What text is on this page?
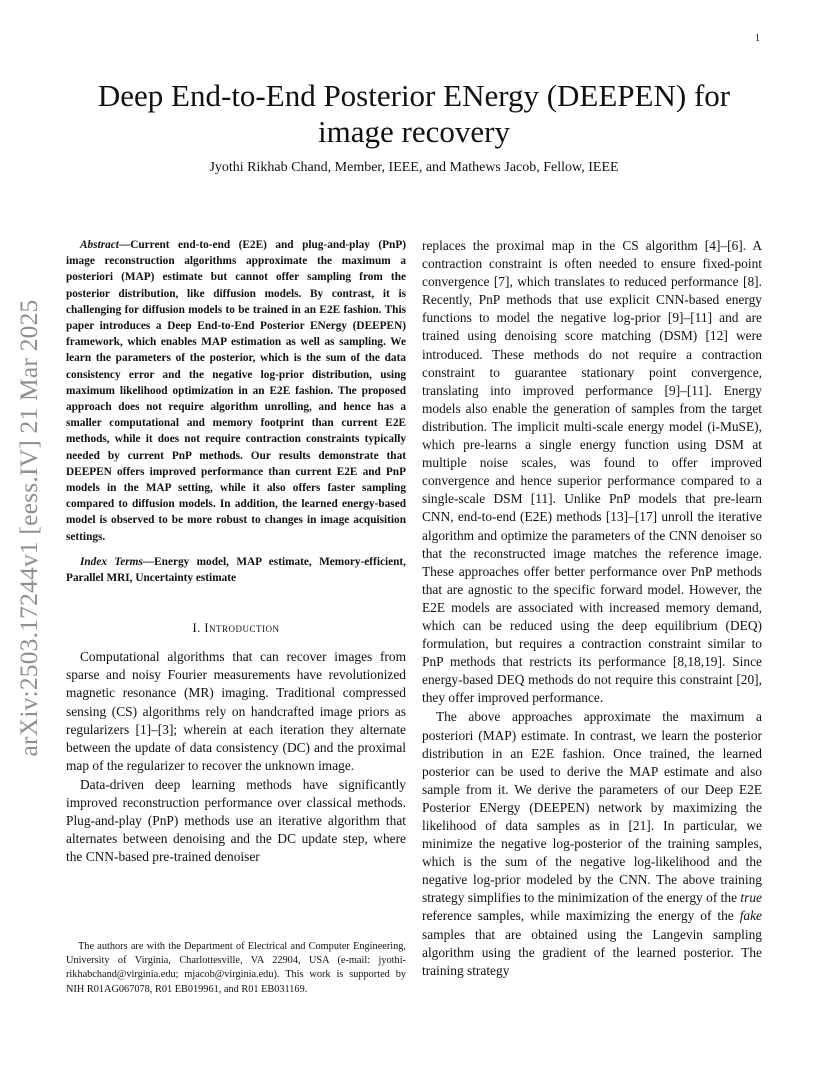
1
arXiv:2503.17244v1 [eess.IV] 21 Mar 2025
Deep End-to-End Posterior ENergy (DEEPEN) for image recovery
Jyothi Rikhab Chand, Member, IEEE, and Mathews Jacob, Fellow, IEEE

Abstract—Current end-to-end (E2E) and plug-and-play (PnP) image reconstruction algorithms approximate the maximum a posteriori (MAP) estimate but cannot offer sampling from the posterior distribution, like diffusion models. By contrast, it is challenging for diffusion models to be trained in an E2E fashion. This paper introduces a Deep End-to-End Posterior ENergy (DEEPEN) framework, which enables MAP estimation as well as sampling. We learn the parameters of the posterior, which is the sum of the data consistency error and the negative log-prior distribution, using maximum likelihood optimization in an E2E fashion. The proposed approach does not require algorithm unrolling, and hence has a smaller computational and memory footprint than current E2E methods, while it does not require contraction constraints typically needed by current PnP methods. Our results demonstrate that DEEPEN offers improved performance than current E2E and PnP models in the MAP setting, while it also offers faster sampling compared to diffusion models. In addition, the learned energy-based model is observed to be more robust to changes in image acquisition settings.

Index Terms—Energy model, MAP estimate, Memory-efficient, Parallel MRI, Uncertainty estimate

I. Introduction

Computational algorithms that can recover images from sparse and noisy Fourier measurements have revolutionized magnetic resonance (MR) imaging. Traditional compressed sensing (CS) algorithms rely on handcrafted image priors as regularizers [1]–[3]; wherein at each iteration they alternate between the update of data consistency (DC) and the proximal map of the regularizer to recover the unknown image.

Data-driven deep learning methods have significantly improved reconstruction performance over classical methods. Plug-and-play (PnP) methods use an iterative algorithm that alternates between denoising and the DC update step, where the CNN-based pre-trained denoiser

replaces the proximal map in the CS algorithm [4]–[6]. A contraction constraint is often needed to ensure fixed-point convergence [7], which translates to reduced performance [8]. Recently, PnP methods that use explicit CNN-based energy functions to model the negative log-prior [9]–[11] and are trained using denoising score matching (DSM) [12] were introduced. These methods do not require a contraction constraint to guarantee stationary point convergence, translating into improved performance [9]–[11]. Energy models also enable the generation of samples from the target distribution. The implicit multi-scale energy model (i-MuSE), which pre-learns a single energy function using DSM at multiple noise scales, was found to offer improved convergence and hence superior performance compared to a single-scale DSM [11]. Unlike PnP models that pre-learn CNN, end-to-end (E2E) methods [13]–[17] unroll the iterative algorithm and optimize the parameters of the CNN denoiser so that the reconstructed image matches the reference image. These approaches offer better performance over PnP methods that are agnostic to the specific forward model. However, the E2E models are associated with increased memory demand, which can be reduced using the deep equilibrium (DEQ) formulation, but requires a contraction constraint similar to PnP methods that restricts its performance [8,18,19]. Since energy-based DEQ methods do not require this constraint [20], they offer improved performance.

The above approaches approximate the maximum a posteriori (MAP) estimate. In contrast, we learn the posterior distribution in an E2E fashion. Once trained, the learned posterior can be used to derive the MAP estimate and also sample from it. We derive the parameters of our Deep E2E Posterior ENergy (DEEPEN) network by maximizing the likelihood of data samples as in [21]. In particular, we minimize the negative log-posterior of the training samples, which is the sum of the negative log-likelihood and the negative log-prior modeled by the CNN. The above training strategy simplifies to the minimization of the energy of the true reference samples, while maximizing the energy of the fake samples that are obtained using the Langevin sampling algorithm using the gradient of the learned posterior. The training strategy

The authors are with the Department of Electrical and Computer Engineering, University of Virginia, Charlottesville, VA 22904, USA (e-mail: jyothi-rikhabchand@virginia.edu; mjacob@virginia.edu). This work is supported by NIH R01AG067078, R01 EB019961, and R01 EB031169.
